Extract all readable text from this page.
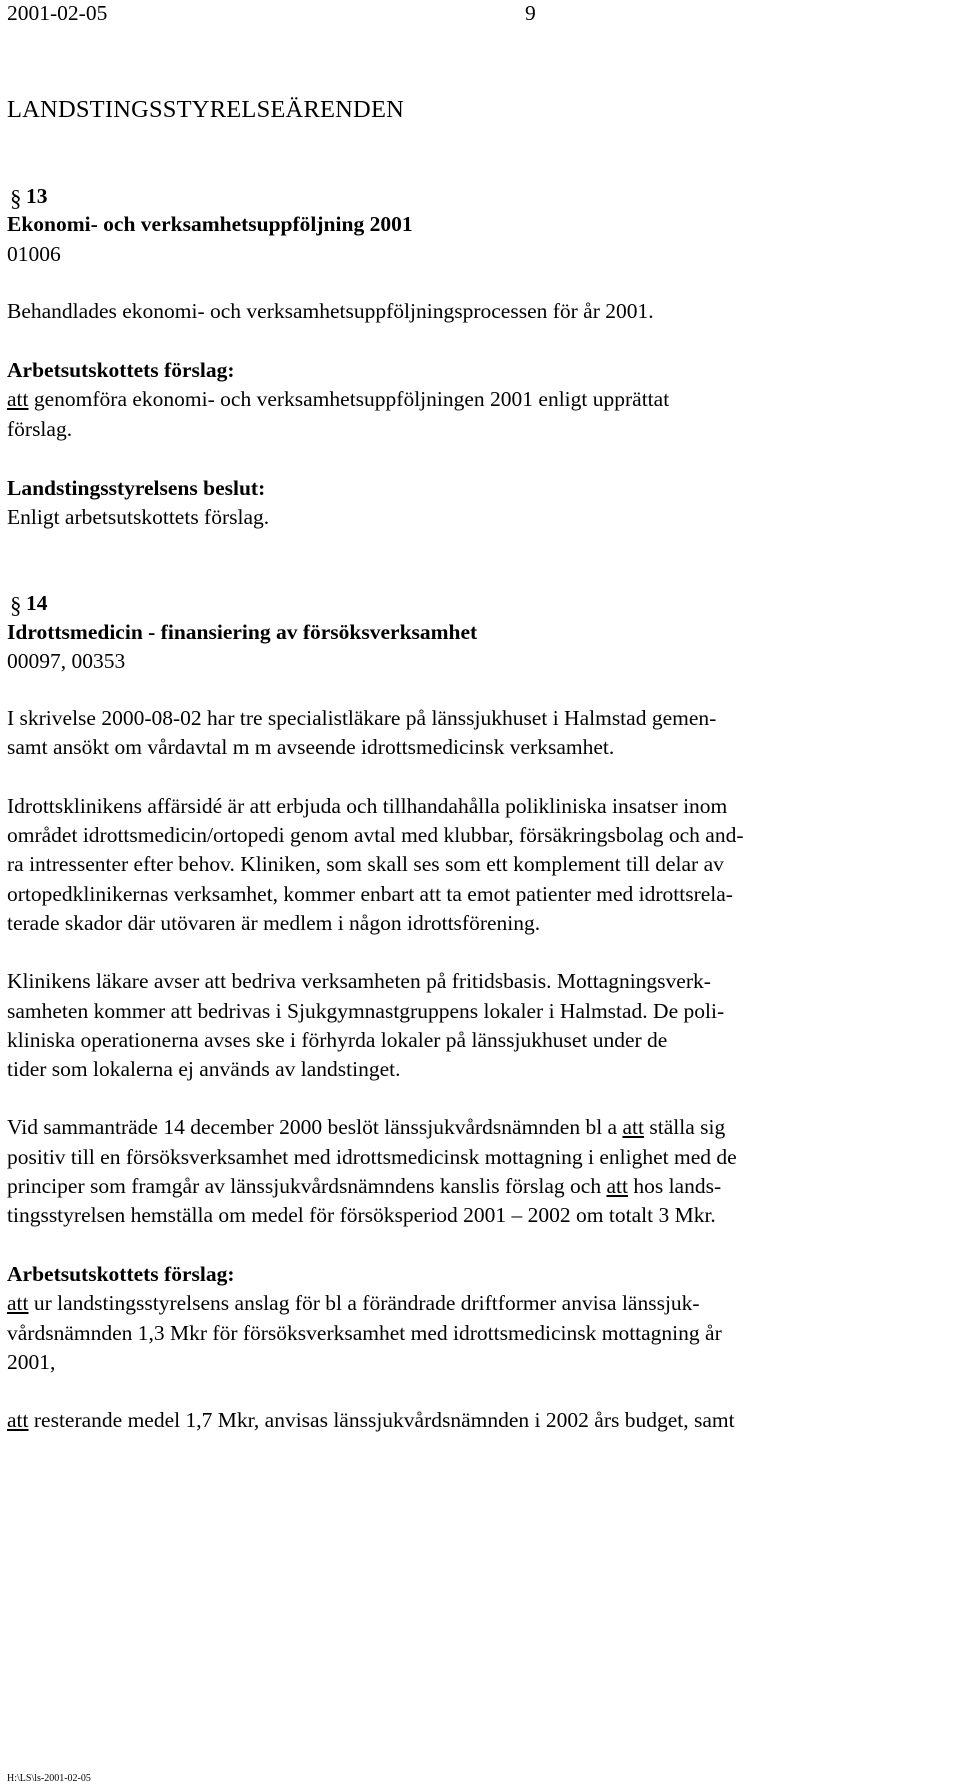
2001-02-05	9
LANDSTINGSSTYRELSEÄRENDEN
§ 13
Ekonomi- och verksamhetsuppföljning 2001
01006
Behandlades ekonomi- och verksamhetsuppföljningsprocessen för år 2001.
Arbetsutskottets förslag:
att genomföra ekonomi- och verksamhetsuppföljningen 2001 enligt upprättat
förslag.
Landstingsstyrelsens beslut:
Enligt arbetsutskottets förslag.
§ 14
Idrottsmedicin - finansiering av försöksverksamhet
00097, 00353
I skrivelse 2000-08-02 har tre specialistläkare på länssjukhuset i Halmstad gemen-
samt ansökt om vårdavtal m m avseende idrottsmedicinsk verksamhet.
Idrottsklinikens affärsidé är att erbjuda och tillhandahålla polikliniska insatser inom
området idrottsmedicin/ortopedi genom avtal med klubbar, försäkringsbolag och and-
ra intressenter efter behov. Kliniken, som skall ses som ett komplement till delar av
ortopedklinikernas verksamhet, kommer enbart att ta emot patienter med idrottsrela-
terade skador där utövaren är medlem i någon idrottsförening.
Klinikens läkare avser att bedriva verksamheten på fritidsbasis. Mottagningsverk-
samheten kommer att bedrivas i Sjukgymnastgruppens lokaler i Halmstad. De poli-
kliniska operationerna avses ske i förhyrda lokaler på länssjukhuset under de
tider som lokalerna ej används av landstinget.
Vid sammanträde 14 december 2000 beslöt länssjukvårdsnämnden bl a att ställa sig
positiv till en försöksverksamhet med idrottsmedicinsk mottagning i enlighet med de
principer som framgår av länssjukvårdsnämndens kanslis förslag och att hos lands-
tingsstyrelsen hemställa om medel för försöksperiod 2001 – 2002 om totalt 3 Mkr.
Arbetsutskottets förslag:
att ur landstingsstyrelsens anslag för bl a förändrade driftformer anvisa länssjuk-
vårdsnämnden 1,3 Mkr för försöksverksamhet med idrottsmedicinsk mottagning år
2001,
att resterande medel 1,7 Mkr, anvisas länssjukvårdsnämnden i 2002 års budget, samt
H:\LS\ls-2001-02-05
